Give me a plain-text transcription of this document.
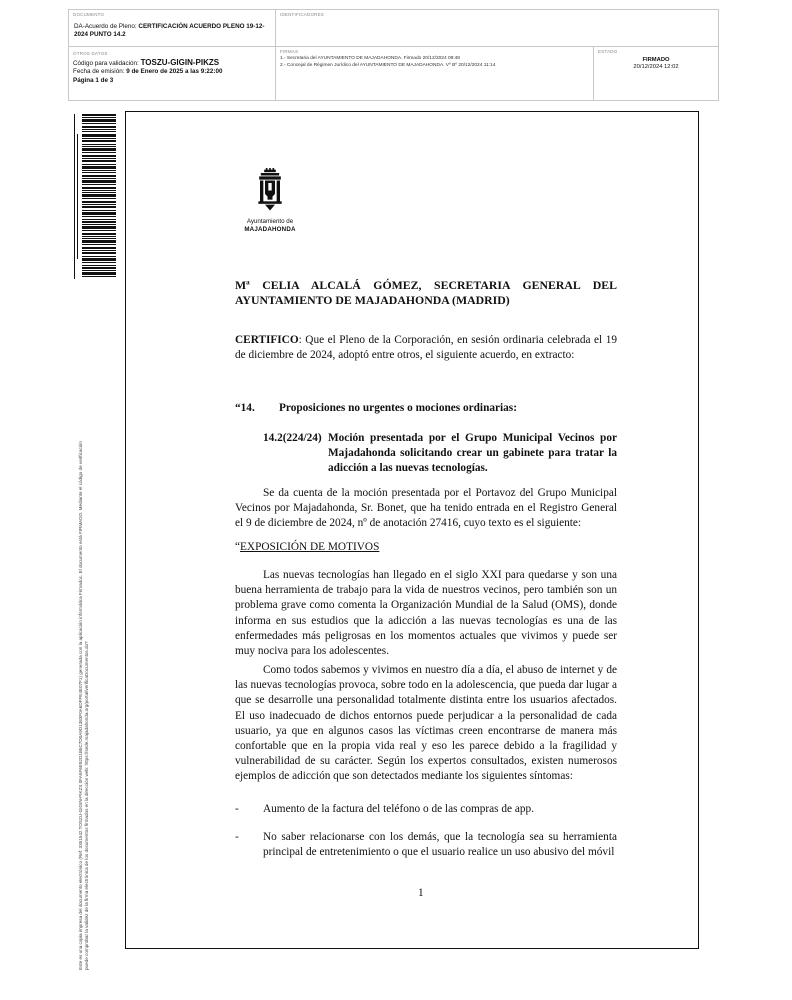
DOCUMENTO
DA-Acuerdo de Pleno: CERTIFICACIÓN ACUERDO PLENO 19-12-2024 PUNTO 14.2
IDENTIFICADORES
OTROS DATOS
Código para validación: TOSZU-GIGIN-PIKZS
Fecha de emisión: 9 de Enero de 2025 a las 9:22:00
Página 1 de 3
FIRMAS
1.- Secretaria del AYUNTAMIENTO DE MAJADAHONDA. Firmado 20/12/2024 09:48
2.- Concejal de Régimen Jurídico del AYUNTAMIENTO DE MAJADAHONDA. Vº Bº 20/12/2024 11:14
ESTADO
FIRMADO
20/12/2024 12:02
Este es una copia impresa del documento electrónico (Ref: 3351542 TOSZU-GIGIN-PIKZS 0FA5F6E92D1B5C7D0A9D1383F0A6DFFE4E07F1) generada con la aplicación informática Firmadoc. El documento está FIRMADO. Mediante el código de verificación puede comprobar la validez de la firma electrónica de los documentos firmados en la dirección web: https://sede.majadahonda.org/portal/verificaDocumentos.do?
Ayuntamiento de
MAJADAHONDA
Mª CELIA ALCALÁ GÓMEZ, SECRETARIA GENERAL DEL AYUNTAMIENTO DE MAJADAHONDA (MADRID)
CERTIFICO: Que el Pleno de la Corporación, en sesión ordinaria celebrada el 19 de diciembre de 2024, adoptó entre otros, el siguiente acuerdo, en extracto:
“14. Proposiciones no urgentes o mociones ordinarias:
14.2(224/24) Moción presentada por el Grupo Municipal Vecinos por Majadahonda solicitando crear un gabinete para tratar la adicción a las nuevas tecnologías.
Se da cuenta de la moción presentada por el Portavoz del Grupo Municipal Vecinos por Majadahonda, Sr. Bonet, que ha tenido entrada en el Registro General el 9 de diciembre de 2024, nº de anotación 27416, cuyo texto es el siguiente:
“EXPOSICIÓN DE MOTIVOS
Las nuevas tecnologías han llegado en el siglo XXI para quedarse y son una buena herramienta de trabajo para la vida de nuestros vecinos, pero también son un problema grave como comenta la Organización Mundial de la Salud (OMS), donde informa en sus estudios que la adicción a las nuevas tecnologías es una de las enfermedades más peligrosas en los momentos actuales que vivimos y puede ser muy nociva para los adolescentes.
Como todos sabemos y vivimos en nuestro día a día, el abuso de internet y de las nuevas tecnologías provoca, sobre todo en la adolescencia, que pueda dar lugar a que se desarrolle una personalidad totalmente distinta entre los usuarios afectados. El uso inadecuado de dichos entornos puede perjudicar a la personalidad de cada usuario, ya que en algunos casos las víctimas creen encontrarse de manera más confortable que en la propia vida real y eso les parece debido a la fragilidad y vulnerabilidad de su carácter. Según los expertos consultados, existen numerosos ejemplos de adicción que son detectados mediante los siguientes síntomas:
- Aumento de la factura del teléfono o de las compras de app.
- No saber relacionarse con los demás, que la tecnología sea su herramienta principal de entretenimiento o que el usuario realice un uso abusivo del móvil
1
